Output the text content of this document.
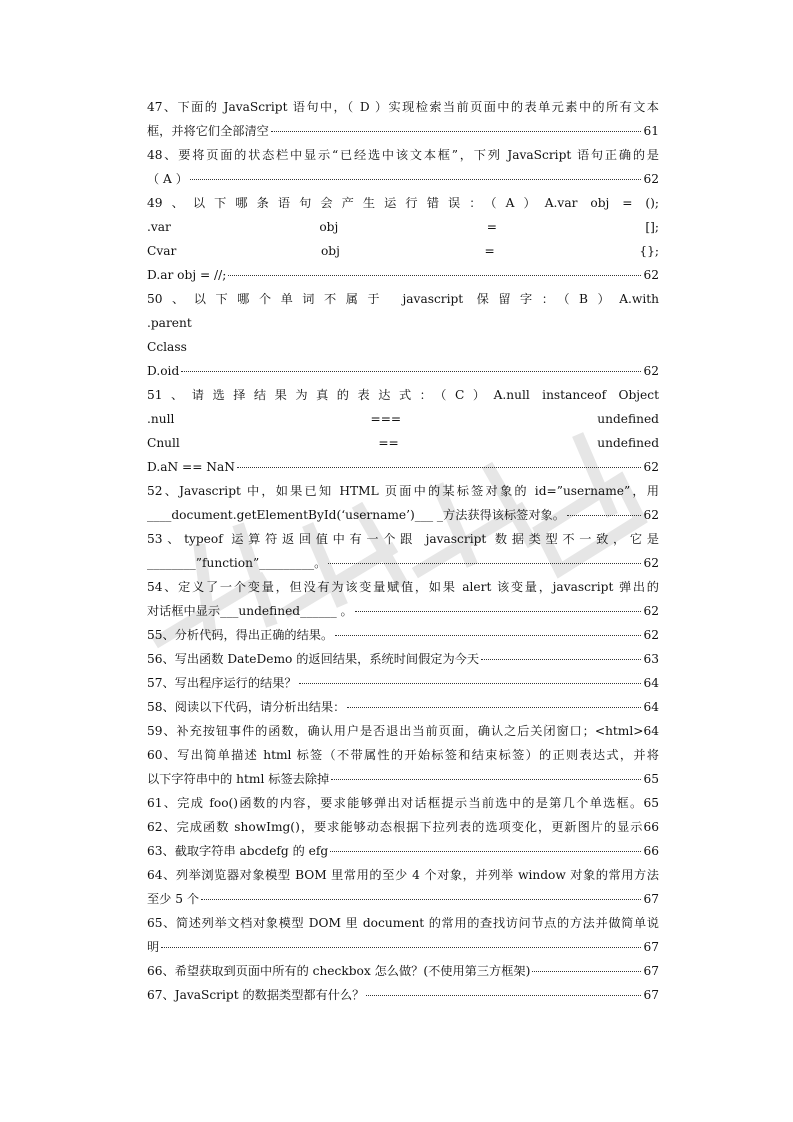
47、下面的 JavaScript 语句中，（ D ）实现检索当前页面中的表单元素中的所有文本
框，并将它们全部清空	61
48、要将页面的状态栏中显示“已经选中该文本框”，下列 JavaScript 语句正确的是
（ A ）	62
49、以下哪条语句会产生运行错误：（A）A.var obj = ();
.var obj = [];
Cvar obj = {};
D.ar obj = //;	62
50、以下哪个单词不属于 javascript 保留字：（B）A.with
.parent
Cclass
D.oid	62
51、请选择结果为真的表达式：（C）A.null instanceof Object
.null === undefined
Cnull == undefined
D.aN == NaN	62
52、Javascript 中，如果已知 HTML 页面中的某标签对象的 id=”username”，用
____document.getElementById(‘username’)___ _方法获得该标签对象。	62
53、typeof 运算符返回值中有一个跟 javascript 数据类型不一致，它是
________”function”_________。	62
54、定义了一个变量，但没有为该变量赋值，如果 alert 该变量，javascript 弹出的
对话框中显示___undefined______ 。	62
55、分析代码，得出正确的结果。	62
56、写出函数 DateDemo 的返回结果，系统时间假定为今天	63
57、写出程序运行的结果？	64
58、阅读以下代码，请分析出结果：	64
59、补充按钮事件的函数，确认用户是否退出当前页面，确认之后关闭窗口；<html>64
60、写出简单描述 html 标签（不带属性的开始标签和结束标签）的正则表达式，并将
以下字符串中的 html 标签去除掉	65
61、完成 foo()函数的内容，要求能够弹出对话框提示当前选中的是第几个单选框。65
62、完成函数 showImg()，要求能够动态根据下拉列表的选项变化，更新图片的显示66
63、截取字符串 abcdefg 的 efg	66
64、列举浏览器对象模型 BOM 里常用的至少 4 个对象，并列举 window 对象的常用方法
至少 5 个	67
65、简述列举文档对象模型 DOM 里 document 的常用的查找访问节点的方法并做简单说
明	67
66、希望获取到页面中所有的 checkbox 怎么做？(不使用第三方框架)	67
67、JavaScript 的数据类型都有什么？	67
